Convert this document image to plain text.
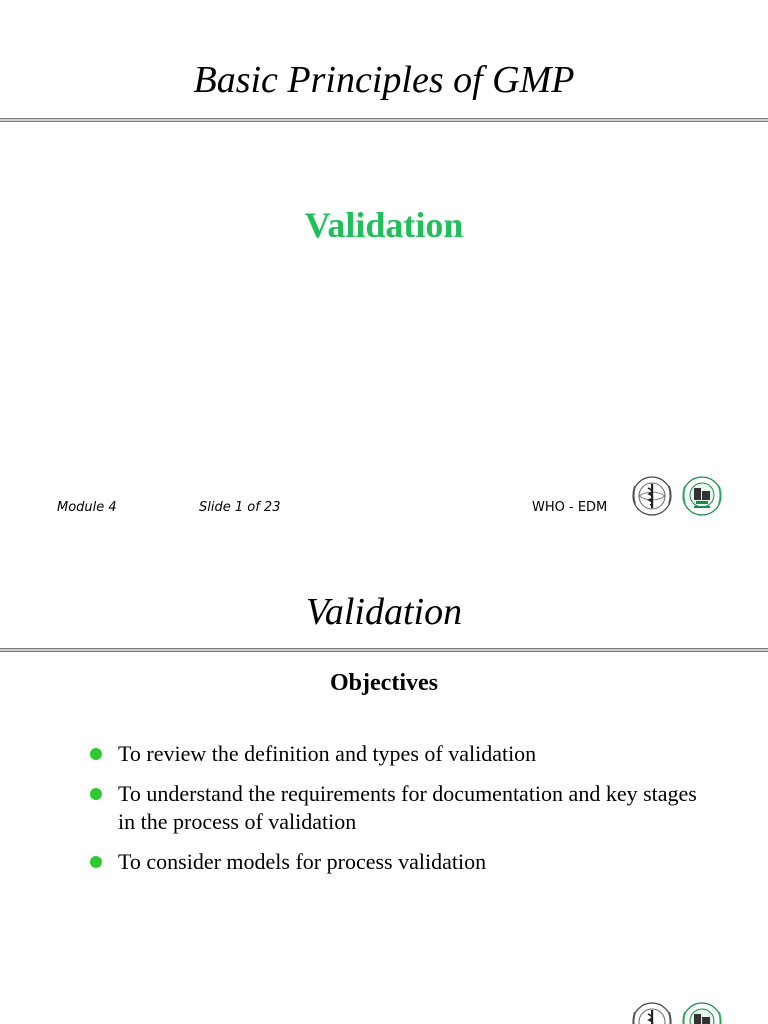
Basic Principles of GMP
Validation
Module 4	Slide 1 of 23	WHO - EDM
Validation
Objectives
To review the definition and types of validation
To understand the requirements for documentation and key stages in the process of validation
To consider models for process validation
